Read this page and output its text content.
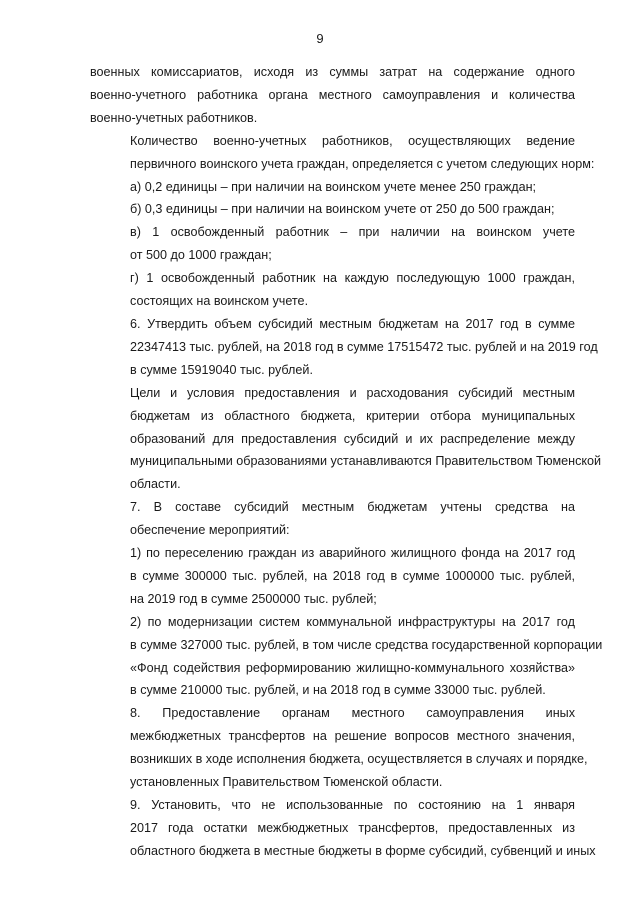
9
военных комиссариатов, исходя из суммы затрат на содержание одного
военно-учетного работника органа местного самоуправления и количества
военно-учетных работников.
Количество военно-учетных работников, осуществляющих ведение
первичного воинского учета граждан, определяется с учетом следующих норм:
а) 0,2 единицы – при наличии на воинском учете менее 250 граждан;
б) 0,3 единицы – при наличии на воинском учете от 250 до 500 граждан;
в) 1 освобожденный работник – при наличии на воинском учете
от 500 до 1000 граждан;
г) 1 освобожденный работник на каждую последующую 1000 граждан,
состоящих на воинском учете.
6. Утвердить объем субсидий местным бюджетам на 2017 год в сумме
22347413 тыс. рублей, на 2018 год в сумме 17515472 тыс. рублей и на 2019 год
в сумме 15919040 тыс. рублей.
Цели и условия предоставления и расходования субсидий местным
бюджетам из областного бюджета, критерии отбора муниципальных
образований для предоставления субсидий и их распределение между
муниципальными образованиями устанавливаются Правительством Тюменской
области.
7. В составе субсидий местным бюджетам учтены средства на
обеспечение мероприятий:
1) по переселению граждан из аварийного жилищного фонда на 2017 год
в сумме 300000 тыс. рублей, на 2018 год в сумме 1000000 тыс. рублей,
на 2019 год в сумме 2500000 тыс. рублей;
2) по модернизации систем коммунальной инфраструктуры на 2017 год
в сумме 327000 тыс. рублей, в том числе средства государственной корпорации
«Фонд содействия реформированию жилищно-коммунального хозяйства»
в сумме 210000 тыс. рублей, и на 2018 год в сумме 33000 тыс. рублей.
8. Предоставление органам местного самоуправления иных
межбюджетных трансфертов на решение вопросов местного значения,
возникших в ходе исполнения бюджета, осуществляется в случаях и порядке,
установленных Правительством Тюменской области.
9. Установить, что не использованные по состоянию на 1 января
2017 года остатки межбюджетных трансфертов, предоставленных из
областного бюджета в местные бюджеты в форме субсидий, субвенций и иных
